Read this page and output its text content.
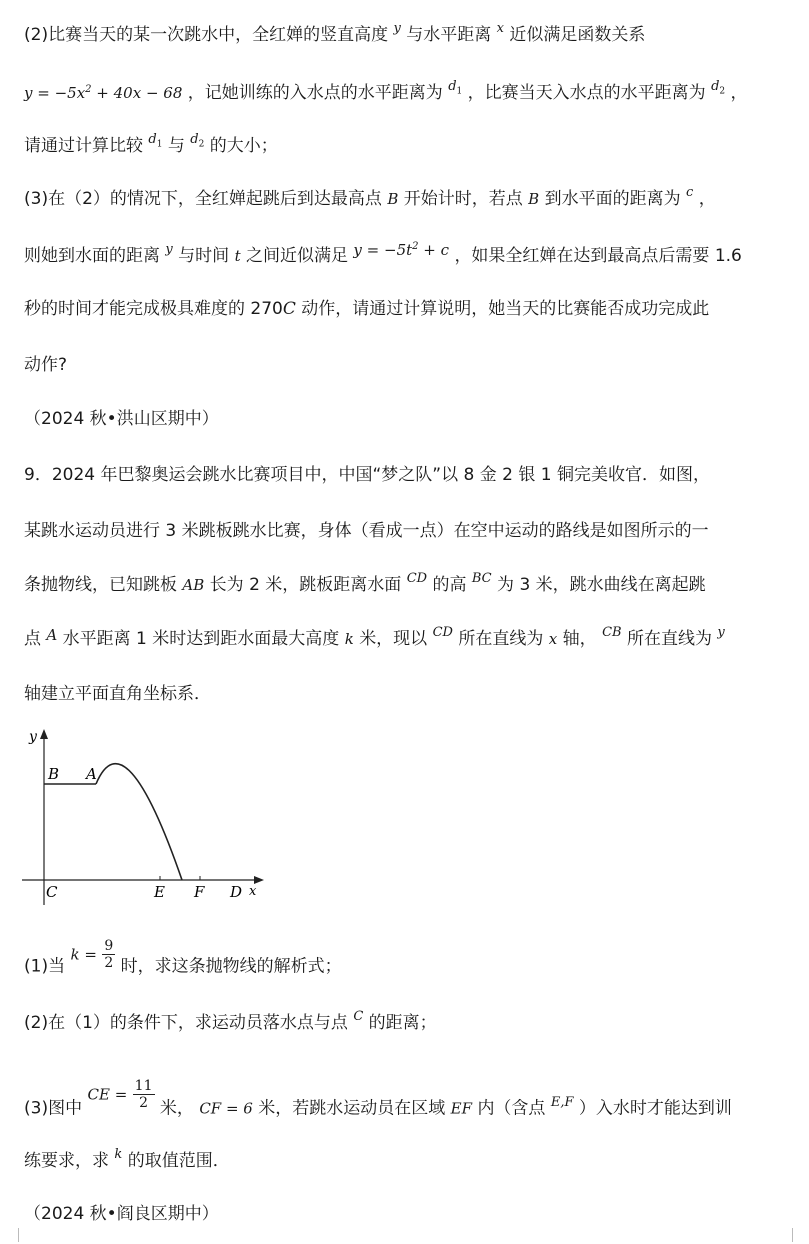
(2)比赛当天的某一次跳水中，全红婵的竖直高度 $^y$ 与水平距离 $^x$ 近似满足函数关系
$y = -5x^2 + 40x - 68$ ，记她训练的入水点的水平距离为 $^{d_1}$ ，比赛当天入水点的水平距离为 $^{d_2}$ ，
请通过计算比较 $^{d_1}$ 与 $^{d_2}$ 的大小；
(3)在（2）的情况下，全红婵起跳后到达最高点 B 开始计时，若点 B 到水平面的距离为 $^c$ ，
则她到水面的距离 $^y$ 与时间 t 之间近似满足 $y = -5t^2 + c$ ，如果全红婵在达到最高点后需要 1.6
秒的时间才能完成极具难度的 270C 动作，请通过计算说明，她当天的比赛能否成功完成此
动作?
（2024 秋•洪山区期中）
9．2024 年巴黎奥运会跳水比赛项目中，中国“梦之队”以 8 金 2 银 1 铜完美收官．如图，
某跳水运动员进行 3 米跳板跳水比赛，身体（看成一点）在空中运动的路线是如图所示的一
条抛物线，已知跳板 AB 长为 2 米，跳板距离水面 $^{CD}$ 的高 $^{BC}$ 为 3 米，跳水曲线在离起跳
点 A 水平距离 1 米时达到距水面最大高度 k 米，现以 $^{CD}$ 所在直线为 x 轴， $^{CB}$ 所在直线为 $^y$
轴建立平面直角坐标系．
y
B A
C	E F D x
(1)当 $k = \frac{9}{2}$ 时，求这条抛物线的解析式；
(2)在（1）的条件下，求运动员落水点与点 $^C$ 的距离；
(3)图中 CE = $\frac{11}{2}$ 米， CF = 6 米，若跳水运动员在区域 EF 内（含点 $^{E,F}$ ）入水时才能达到训
练要求，求 $^k$ 的取值范围．
（2024 秋•阎良区期中）
